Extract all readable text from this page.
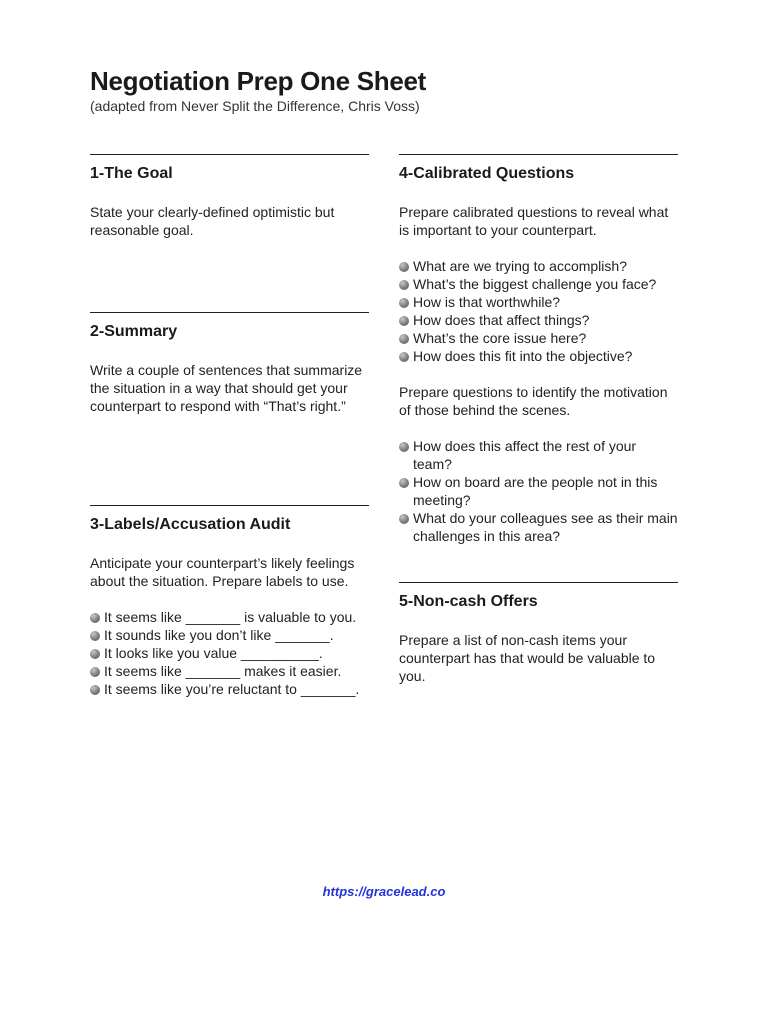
Negotiation Prep One Sheet

(adapted from Never Split the Difference, Chris Voss)

1-The Goal

State your clearly-defined optimistic but reasonable goal.

2-Summary

Write a couple of sentences that summarize the situation in a way that should get your counterpart to respond with “That’s right.”

3-Labels/Accusation Audit

Anticipate your counterpart’s likely feelings about the situation. Prepare labels to use.

It seems like _______ is valuable to you.
It sounds like you don’t like _______.
It looks like you value __________.
It seems like _______ makes it easier.
It seems like you’re reluctant to _______.
4-Calibrated Questions

Prepare calibrated questions to reveal what is important to your counterpart.

What are we trying to accomplish?
What’s the biggest challenge you face?
How is that worthwhile?
How does that affect things?
What’s the core issue here?
How does this fit into the objective?

Prepare questions to identify the motivation of those behind the scenes.

How does this affect the rest of your team?
How on board are the people not in this meeting?
What do your colleagues see as their main challenges in this area?
5-Non-cash Offers

Prepare a list of non-cash items your counterpart has that would be valuable to you.

https://gracelead.co
